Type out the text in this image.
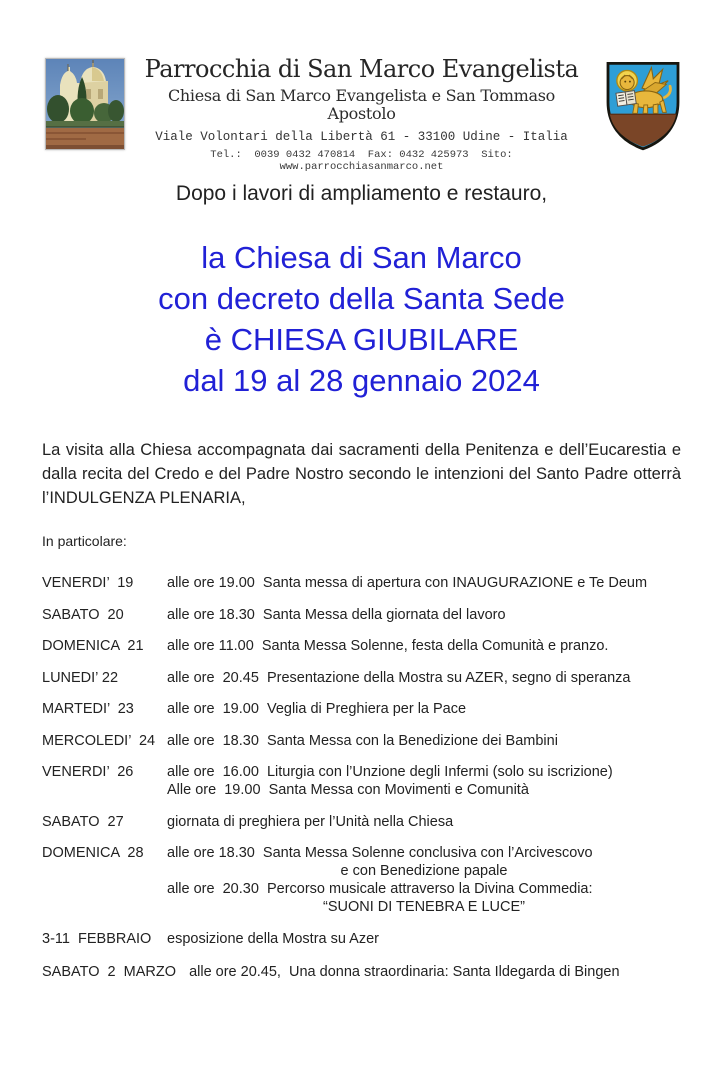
Parrocchia di San Marco Evangelista
Chiesa di San Marco Evangelista e San Tommaso Apostolo
Viale Volontari della Libertà 61 - 33100 Udine - Italia
Tel.:  0039 0432 470814  Fax: 0432 425973  Sito: www.parrocchiasanmarco.net
Dopo i lavori di ampliamento e restauro,
la Chiesa di San Marco
con decreto della Santa Sede
è CHIESA GIUBILARE
dal 19 al 28 gennaio 2024
La visita alla Chiesa accompagnata dai sacramenti della Penitenza e dell’Eucarestia e dalla recita del Credo e del Padre Nostro secondo le intenzioni del Santo Padre otterrà l’INDULGENZA PLENARIA,
In particolare:
VENERDI’  19	alle ore 19.00  Santa messa di apertura con INAUGURAZIONE e Te Deum
SABATO  20	alle ore 18.30  Santa Messa della giornata del lavoro
DOMENICA  21	alle ore 11.00  Santa Messa Solenne, festa della Comunità e pranzo.
LUNEDI’ 22	alle ore  20.45  Presentazione della Mostra su AZER, segno di speranza
MARTEDI’  23	alle ore  19.00  Veglia di Preghiera per la Pace
MERCOLEDI’  24 alle ore  18.30  Santa Messa con la Benedizione dei Bambini
VENERDI’  26	alle ore  16.00  Liturgia con l’Unzione degli Infermi (solo su iscrizione)
Alle ore  19.00  Santa Messa con Movimenti e Comunità
SABATO  27	giornata di preghiera per l’Unità nella Chiesa
DOMENICA  28	alle ore 18.30  Santa Messa Solenne conclusiva con l’Arcivescovo
e con Benedizione papale
alle ore  20.30  Percorso musicale attraverso la Divina Commedia:
“SUONI DI TENEBRA E LUCE”
3-11  FEBBRAIO	esposizione della Mostra su Azer
SABATO  2  MARZO alle ore 20.45,  Una donna straordinaria: Santa Ildegarda di Bingen
